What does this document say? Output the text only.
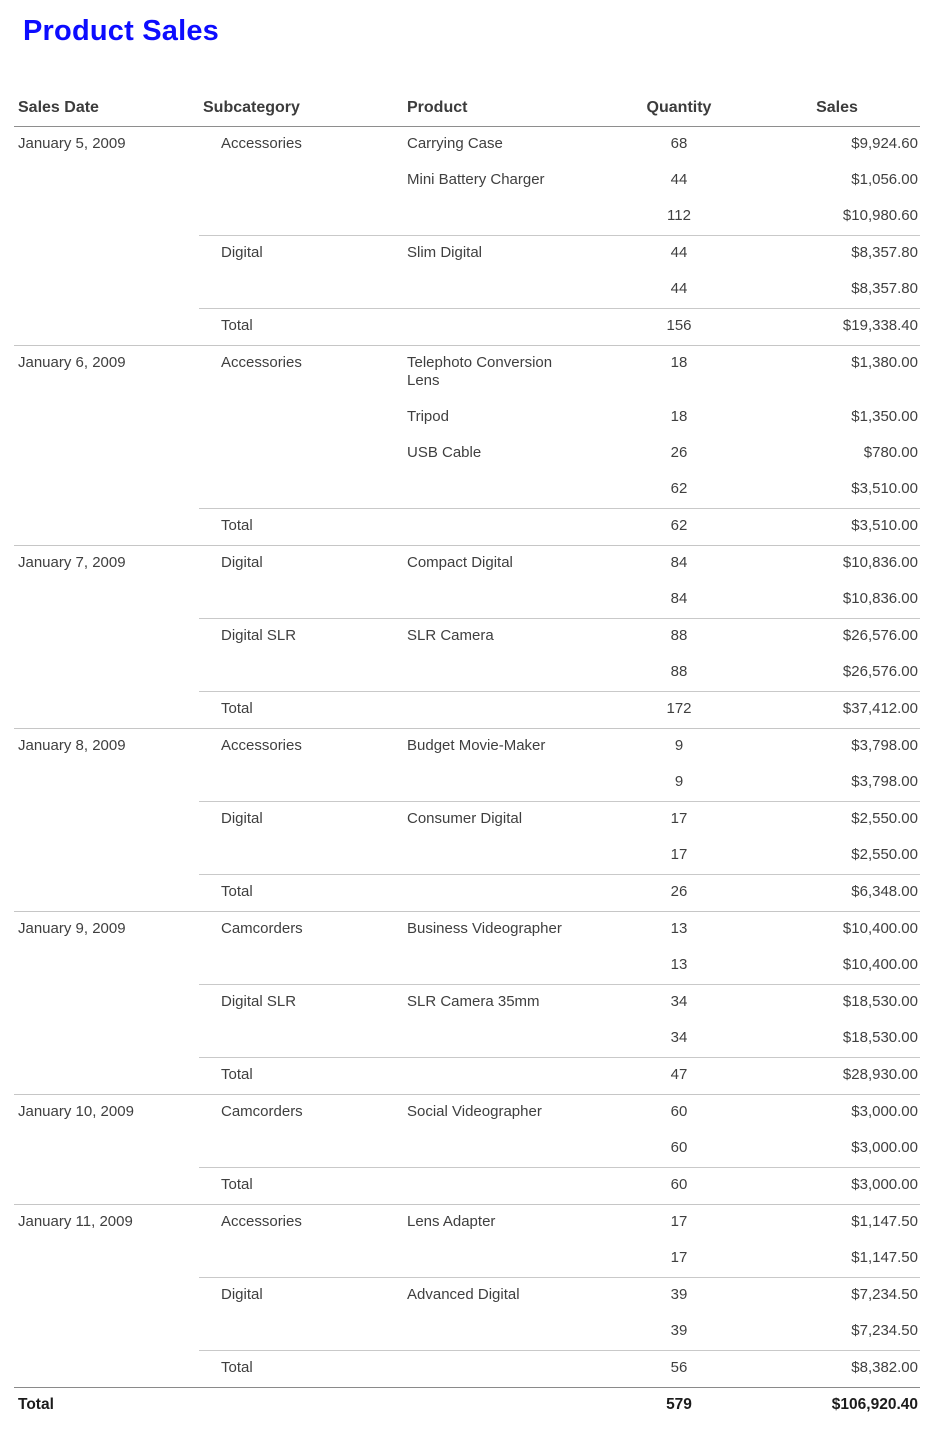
Product Sales
Sales Date	Subcategory	Product	Quantity	Sales
January 5, 2009	Accessories	Carrying Case	68	$9,924.60

		Mini Battery Charger	44	$1,056.00
			112	$10,980.60
	Digital	Slim Digital	44	$8,357.80
			44	$8,357.80
	Total		156	$19,338.40
January 6, 2009	Accessories	Telephoto Conversion Lens	18	$1,380.00

		Tripod	18	$1,350.00

		USB Cable	26	$780.00
			62	$3,510.00
	Total		62	$3,510.00
January 7, 2009	Digital	Compact Digital	84	$10,836.00
			84	$10,836.00
	Digital SLR	SLR Camera	88	$26,576.00
			88	$26,576.00
	Total		172	$37,412.00
January 8, 2009	Accessories	Budget Movie-Maker	9	$3,798.00
			9	$3,798.00
	Digital	Consumer Digital	17	$2,550.00
			17	$2,550.00
	Total		26	$6,348.00
January 9, 2009	Camcorders	Business Videographer	13	$10,400.00
			13	$10,400.00
	Digital SLR	SLR Camera 35mm	34	$18,530.00
			34	$18,530.00
	Total		47	$28,930.00
January 10, 2009	Camcorders	Social Videographer	60	$3,000.00
			60	$3,000.00
	Total		60	$3,000.00
January 11, 2009	Accessories	Lens Adapter	17	$1,147.50
			17	$1,147.50
	Digital	Advanced Digital	39	$7,234.50
			39	$7,234.50
	Total		56	$8,382.00
Total			579	$106,920.40
